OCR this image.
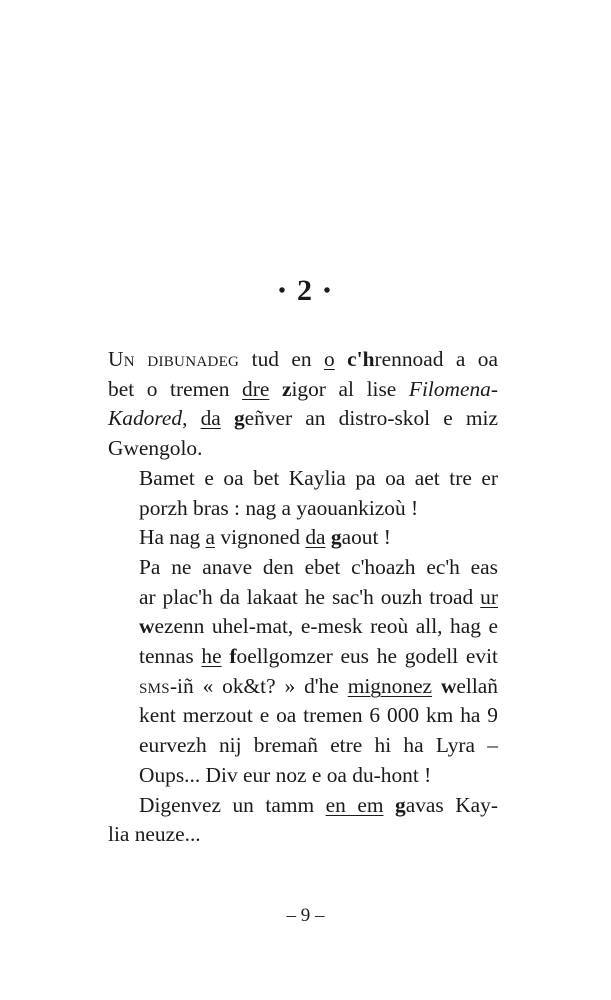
• 2 •

Un dibunadeg tud en o c'hrennoad a oa
bet o tremen dre zigor al lise Filomena-
Kadored, da geñver an distro-skol e miz
Gwengolo.

Bamet e oa bet Kaylia pa oa aet tre er
porzh bras : nag a yaouankizoù !

Ha nag a vignoned da gaout !

Pa ne anave den ebet c'hoazh ec'h eas
ar plac'h da lakaat he sac'h ouzh troad ur
wezenn uhel-mat, e-mesk reoù all, hag e
tennas he foellgomzer eus he godell evit
sms-iñ « ok&t? » d'he mignonez wellañ
kent merzout e oa tremen 6 000 km ha 9
eurvezh nij bremañ etre hi ha Lyra –
Oups... Div eur noz e oa du-hont !

Digenvez un tamm en em gavas Kay-

lia neuze...

– 9 –
